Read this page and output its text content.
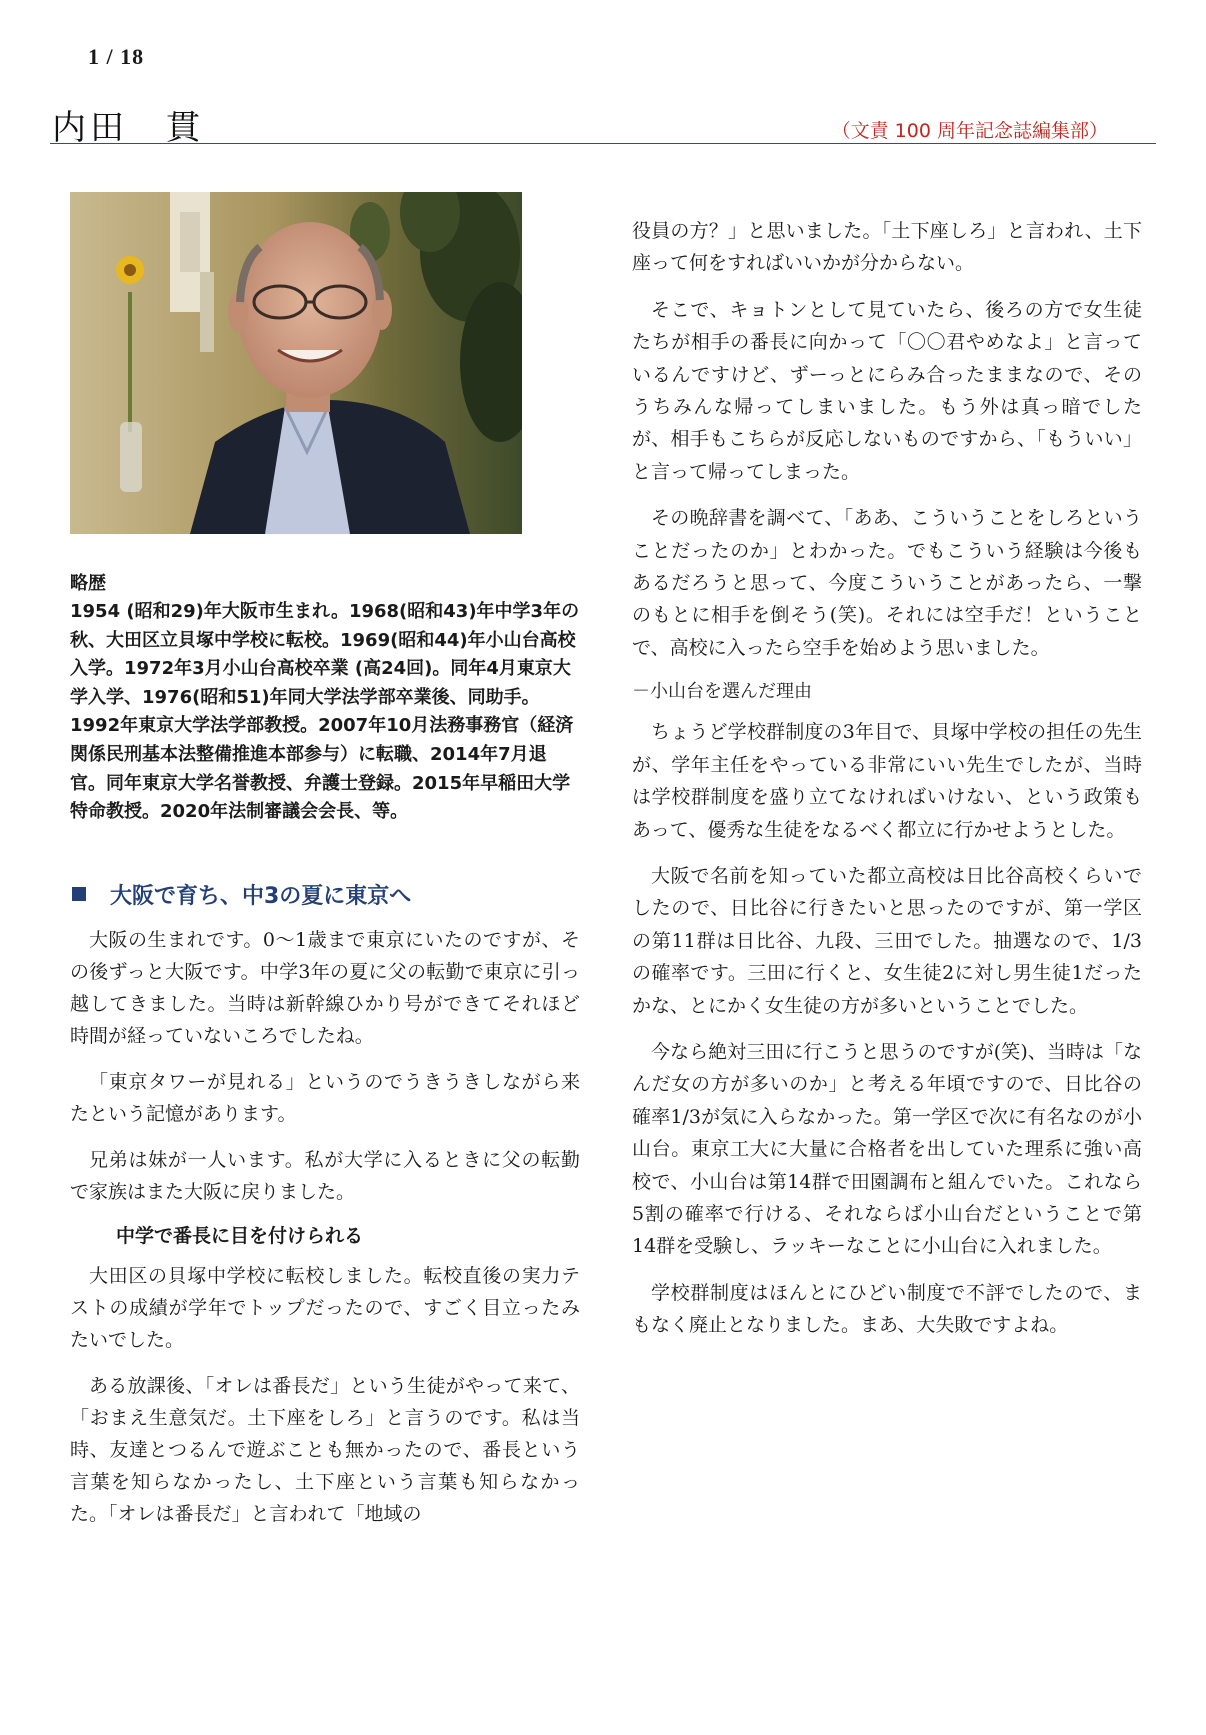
1 / 18
内田　貫	（文責 100 周年記念誌編集部）
略歴

1954 (昭和29)年大阪市生まれ。1968(昭和43)年中学3年の秋、大田区立貝塚中学校に転校。1969(昭和44)年小山台高校入学。1972年3月小山台高校卒業 (高24回)。同年4月東京大学入学、1976(昭和51)年同大学法学部卒業後、同助手。1992年東京大学法学部教授。2007年10月法務事務官（経済関係民刑基本法整備推進本部参与）に転職、2014年7月退官。同年東京大学名誉教授、弁護士登録。2015年早稲田大学特命教授。2020年法制審議会会長、等。

大阪で育ち、中3の夏に東京へ

大阪の生まれです。0～1歳まで東京にいたのですが、その後ずっと大阪です。中学3年の夏に父の転勤で東京に引っ越してきました。当時は新幹線ひかり号ができてそれほど時間が経っていないころでしたね。

「東京タワーが見れる」というのでうきうきしながら来たという記憶があります。

兄弟は妹が一人います。私が大学に入るときに父の転勤で家族はまた大阪に戻りました。

中学で番長に目を付けられる

大田区の貝塚中学校に転校しました。転校直後の実力テストの成績が学年でトップだったので、すごく目立ったみたいでした。

ある放課後、「オレは番長だ」という生徒がやって来て、「おまえ生意気だ。土下座をしろ」と言うのです。私は当時、友達とつるんで遊ぶことも無かったので、番長という言葉を知らなかったし、土下座という言葉も知らなかった。「オレは番長だ」と言われて「地域の

役員の方？」と思いました。「土下座しろ」と言われ、土下座って何をすればいいかが分からない。

そこで、キョトンとして見ていたら、後ろの方で女生徒たちが相手の番長に向かって「〇〇君やめなよ」と言っているんですけど、ずーっとにらみ合ったままなので、そのうちみんな帰ってしまいました。もう外は真っ暗でしたが、相手もこちらが反応しないものですから、「もういい」と言って帰ってしまった。

その晩辞書を調べて、「ああ、こういうことをしろということだったのか」とわかった。でもこういう経験は今後もあるだろうと思って、今度こういうことがあったら、一撃のもとに相手を倒そう(笑)。それには空手だ！ということで、高校に入ったら空手を始めよう思いました。

－小山台を選んだ理由

ちょうど学校群制度の3年目で、貝塚中学校の担任の先生が、学年主任をやっている非常にいい先生でしたが、当時は学校群制度を盛り立てなければいけない、という政策もあって、優秀な生徒をなるべく都立に行かせようとした。

大阪で名前を知っていた都立高校は日比谷高校くらいでしたので、日比谷に行きたいと思ったのですが、第一学区の第11群は日比谷、九段、三田でした。抽選なので、1/3の確率です。三田に行くと、女生徒2に対し男生徒1だったかな、とにかく女生徒の方が多いということでした。

今なら絶対三田に行こうと思うのですが(笑)、当時は「なんだ女の方が多いのか」と考える年頃ですので、日比谷の確率1/3が気に入らなかった。第一学区で次に有名なのが小山台。東京工大に大量に合格者を出していた理系に強い高校で、小山台は第14群で田園調布と組んでいた。これなら5割の確率で行ける、それならば小山台だということで第14群を受験し、ラッキーなことに小山台に入れました。

学校群制度はほんとにひどい制度で不評でしたので、まもなく廃止となりました。まあ、大失敗ですよね。
